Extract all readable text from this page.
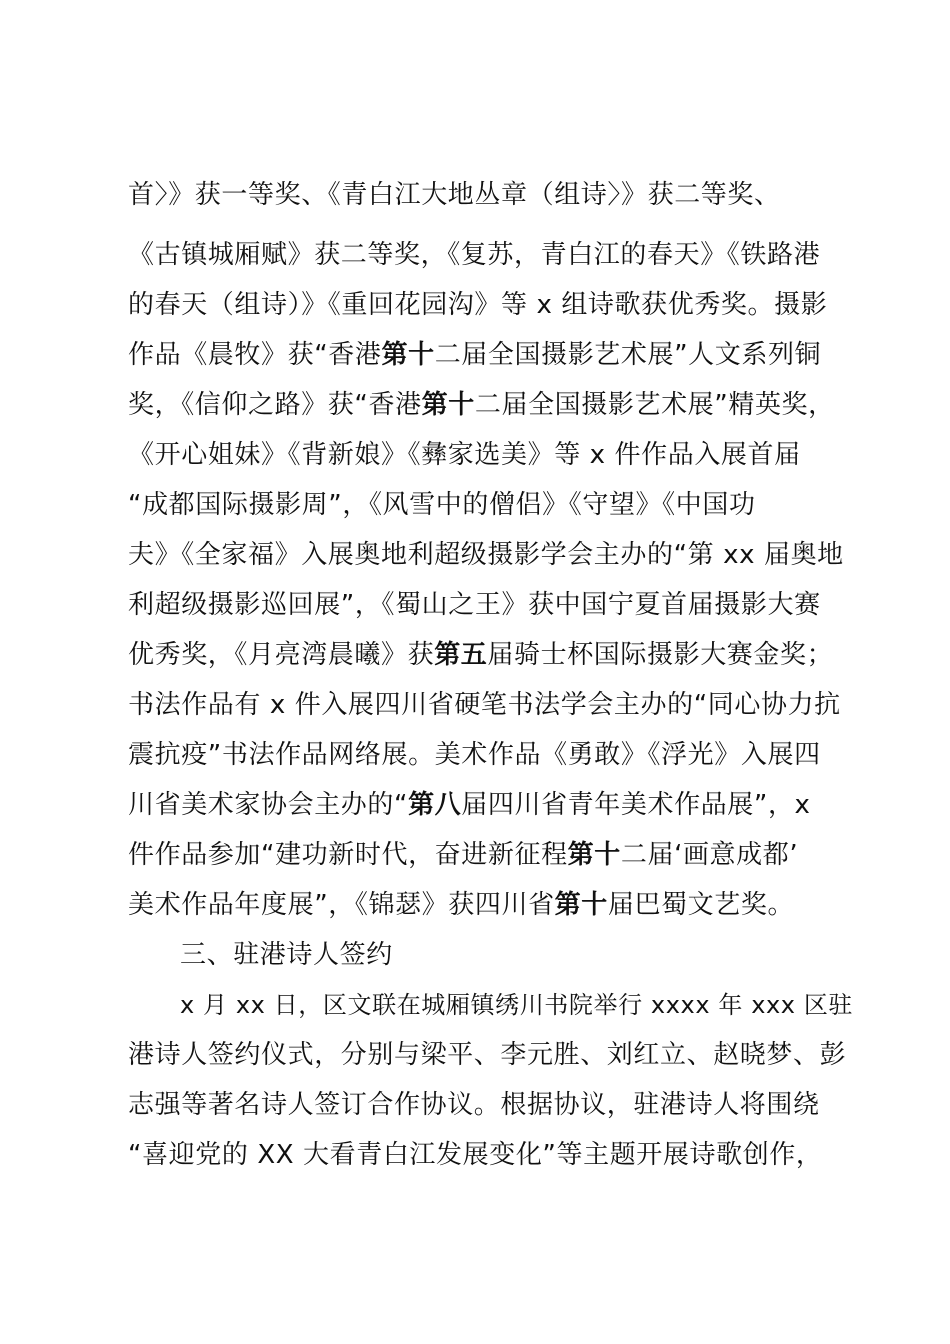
首〉》获一等奖、《青白江大地丛章（组诗〉》获二等奖、
《古镇城厢赋》获二等奖，《复苏，青白江的春天》《铁路港
的春天（组诗）》《重回花园沟》等 x 组诗歌获优秀奖。摄影
作品《晨牧》获“香港第十二届全国摄影艺术展”人文系列铜
奖，《信仰之路》获“香港第十二届全国摄影艺术展”精英奖，
《开心姐妹》《背新娘》《彝家选美》等 x 件作品入展首届
“成都国际摄影周”，《风雪中的僧侣》《守望》《中国功
夫》《全家福》入展奥地利超级摄影学会主办的“第 xx 届奥地
利超级摄影巡回展”，《蜀山之王》获中国宁夏首届摄影大赛
优秀奖，《月亮湾晨曦》获第五届骑士杯国际摄影大赛金奖；
书法作品有 x 件入展四川省硬笔书法学会主办的“同心协力抗
震抗疫”书法作品网络展。美术作品《勇敢》《浮光》入展四
川省美术家协会主办的“第八届四川省青年美术作品展”，x
件作品参加“建功新时代，奋进新征程第十二届‘画意成都’
美术作品年度展”，《锦瑟》获四川省第十届巴蜀文艺奖。
三、驻港诗人签约
x 月 xx 日，区文联在城厢镇绣川书院举行 xxxx 年 xxx 区驻
港诗人签约仪式，分别与梁平、李元胜、刘红立、赵晓梦、彭
志强等著名诗人签订合作协议。根据协议，驻港诗人将围绕
“喜迎党的 XX 大看青白江发展变化”等主题开展诗歌创作，
